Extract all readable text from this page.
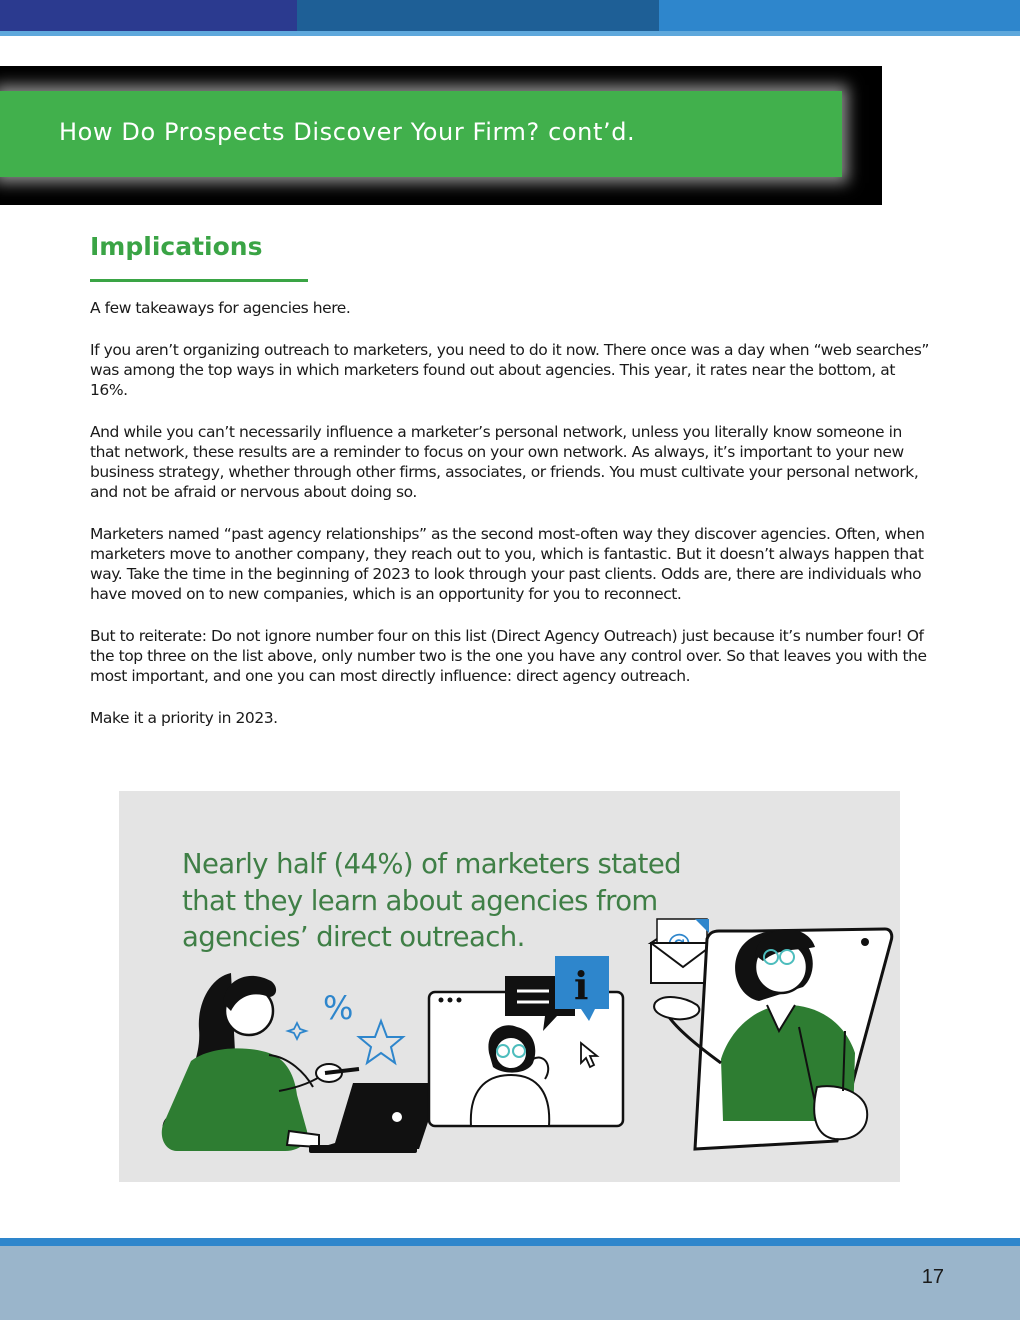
How Do Prospects Discover Your Firm? cont’d.
Implications

A few takeaways for agencies here.

If you aren’t organizing outreach to marketers, you need to do it now. There once was a day when “web searches” was among the top ways in which marketers found out about agencies. This year, it rates near the bottom, at 16%.

And while you can’t necessarily influence a marketer’s personal network, unless you literally know someone in that network, these results are a reminder to focus on your own network. As always, it’s important to your new business strategy, whether through other firms, associates, or friends. You must cultivate your personal network, and not be afraid or nervous about doing so.

Marketers named “past agency relationships” as the second most-often way they discover agencies. Often, when marketers move to another company, they reach out to you, which is fantastic. But it doesn’t always happen that way. Take the time in the beginning of 2023 to look through your past clients. Odds are, there are individuals who have moved on to new companies, which is an opportunity for you to reconnect.

But to reiterate: Do not ignore number four on this list (Direct Agency Outreach) just because it’s number four! Of the top three on the list above, only number two is the one you have any control over. So that leaves you with the most important, and one you can most directly influence: direct agency outreach.

Make it a priority in 2023.

%	i
Nearly half (44%) of marketers stated
that they learn about agencies from
agencies’ direct outreach.
17
